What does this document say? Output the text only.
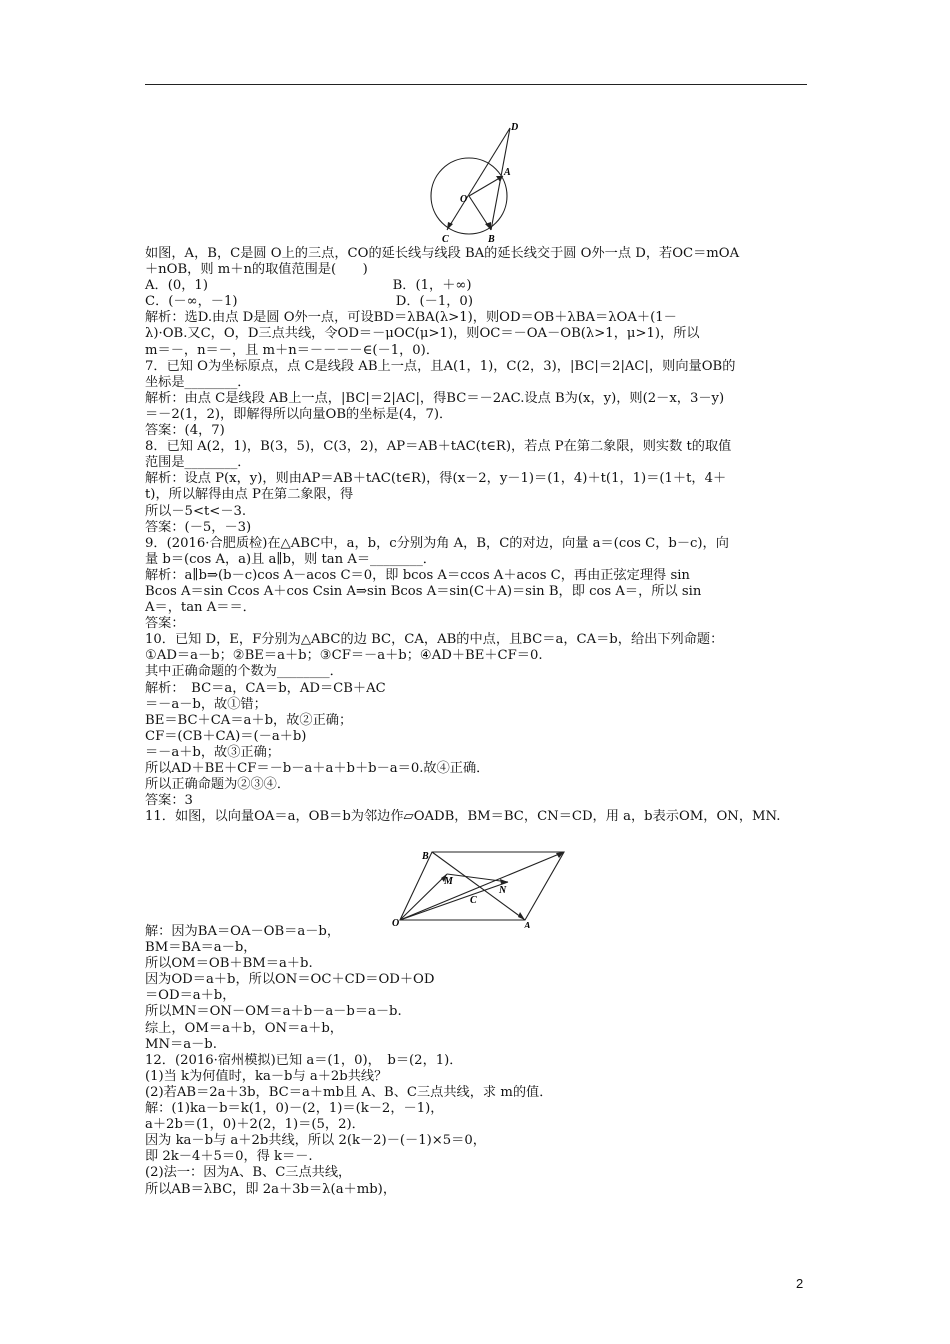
D
A
O
C	B
如图，A，B，C是圆 O上的三点，CO的延长线与线段 BA的延长线交于圆 O外一点 D，若OC＝mOA
＋nOB，则 m＋n的取值范围是(　　)
A．(0，1)　　　　　　　　　　　　　　B．(1，＋∞)
C．(－∞，－1)　　　　　　　　　　　　D．(－1，0)
解析：选D.由点 D是圆 O外一点，可设BD＝λBA(λ>1)，则OD＝OB＋λBA＝λOA＋(1－
λ)·OB.又C，O，D三点共线，令OD＝－μOC(μ>1)，则OC＝－OA－OB(λ>1，μ>1)，所以
m＝－，n＝－，且 m＋n＝－－－－∈(－1，0)．
7．已知 O为坐标原点，点 C是线段 AB上一点，且A(1，1)，C(2，3)，|BC|＝2|AC|，则向量OB的
坐标是________．
解析：由点 C是线段 AB上一点，|BC|＝2|AC|，得BC＝－2AC.设点 B为(x，y)，则(2－x，3－y)
＝－2(1，2)，即解得所以向量OB的坐标是(4，7)．
答案：(4，7)
8．已知 A(2，1)，B(3，5)，C(3，2)，AP＝AB＋tAC(t∈R)，若点 P在第二象限，则实数 t的取值
范围是________．
解析：设点 P(x，y)，则由AP＝AB＋tAC(t∈R)，得(x－2，y－1)＝(1，4)＋t(1，1)＝(1＋t，4＋
t)，所以解得由点 P在第二象限，得
所以－5<t<－3.
答案：(－5，－3)
9．(2016·合肥质检)在△ABC中，a，b，c分别为角 A，B，C的对边，向量 a＝(cos C，b－c)，向
量 b＝(cos A，a)且 a∥b，则 tan A＝________．
解析：a∥b⇒(b－c)cos A－acos C＝0，即 bcos A＝ccos A＋acos C，再由正弦定理得 sin
Bcos A＝sin Ccos A＋cos Csin A⇒sin Bcos A＝sin(C＋A)＝sin B，即 cos A＝，所以 sin
A＝，tan A＝＝．
答案：
10．已知 D，E，F分别为△ABC的边 BC，CA，AB的中点，且BC＝a，CA＝b，给出下列命题：
①AD＝a－b；②BE＝a＋b；③CF＝－a＋b；④AD＋BE＋CF＝0.
其中正确命题的个数为________．
解析：　BC＝a，CA＝b，AD＝CB＋AC
＝－a－b，故①错；
BE＝BC＋CA＝a＋b，故②正确；
CF＝(CB＋CA)＝(－a＋b)
＝－a＋b，故③正确；
所以AD＋BE＋CF＝－b－a＋a＋b＋b－a＝0.故④正确．
所以正确命题为②③④．
答案：3
11．如图，以向量OA＝a，OB＝b为邻边作▱OADB，BM＝BC，CN＝CD，用 a，b表示OM，ON，MN.
B
M
N
C
O	A
解：因为BA＝OA－OB＝a－b，
BM＝BA＝a－b，
所以OM＝OB＋BM＝a＋b.
因为OD＝a＋b，所以ON＝OC＋CD＝OD＋OD
＝OD＝a＋b，
所以MN＝ON－OM＝a＋b－a－b＝a－b.
综上，OM＝a＋b，ON＝a＋b，
MN＝a－b.
12．(2016·宿州模拟)已知 a＝(1，0)，　b＝(2，1)．
(1)当 k为何值时，ka－b与 a＋2b共线？
(2)若AB＝2a＋3b，BC＝a＋mb且 A、B、C三点共线，求 m的值．
解：(1)ka－b＝k(1，0)－(2，1)＝(k－2，－1)，
a＋2b＝(1，0)＋2(2，1)＝(5，2)．
因为 ka－b与 a＋2b共线，所以 2(k－2)－(－1)×5＝0，
即 2k－4＋5＝0，得 k＝－.
(2)法一：因为A、B、C三点共线，
所以AB＝λBC，即 2a＋3b＝λ(a＋mb)，
2
